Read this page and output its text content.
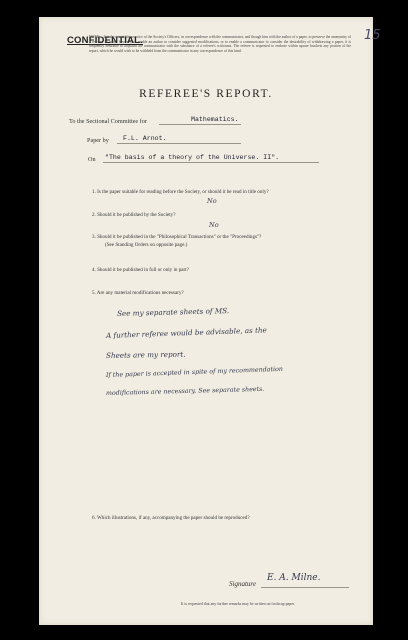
15
CONFIDENTIAL.
NOTE.—It is the invariable practice of the Society's Officers, in correspondence with the communicator, and though him with the author of a paper, to preserve the anonymity of a referee. In order, however, to enable an author to consider suggested modifications, or to enable a communicator to consider the desirability of withdrawing a paper, it is frequently desirable to acquaint the communicator with the substance of a referee's criticisms. The referee is requested to endorse within square brackets any portion of the report, which he would wish to be withheld from the communicator in any correspondence of this kind.
REFEREE'S REPORT.
To the Sectional Committee for	Mathematics.
Paper by F.L. Arnot.
On "The basis of a theory of the Universe. II".
1. Is the paper suitable for reading before the Society, or should it be read in title only?
No
2. Should it be published by the Society?
No
3. Should it be published in the "Philosophical Transactions" or the "Proceedings"?
(See Standing Orders on opposite page.)
4. Should it be published in full or only in part?
5. Are any material modifications necessary?
See my separate sheets of MS.
A further referee would be advisable, as the
Sheets are my report.
If the paper is accepted in spite of my recommendation
modifications are necessary. See separate sheets.
6. Which illustrations, if any, accompanying the paper should be reproduced?
Signature
E. A. Milne.
It is requested that any further remarks may be written on foolscap paper.
